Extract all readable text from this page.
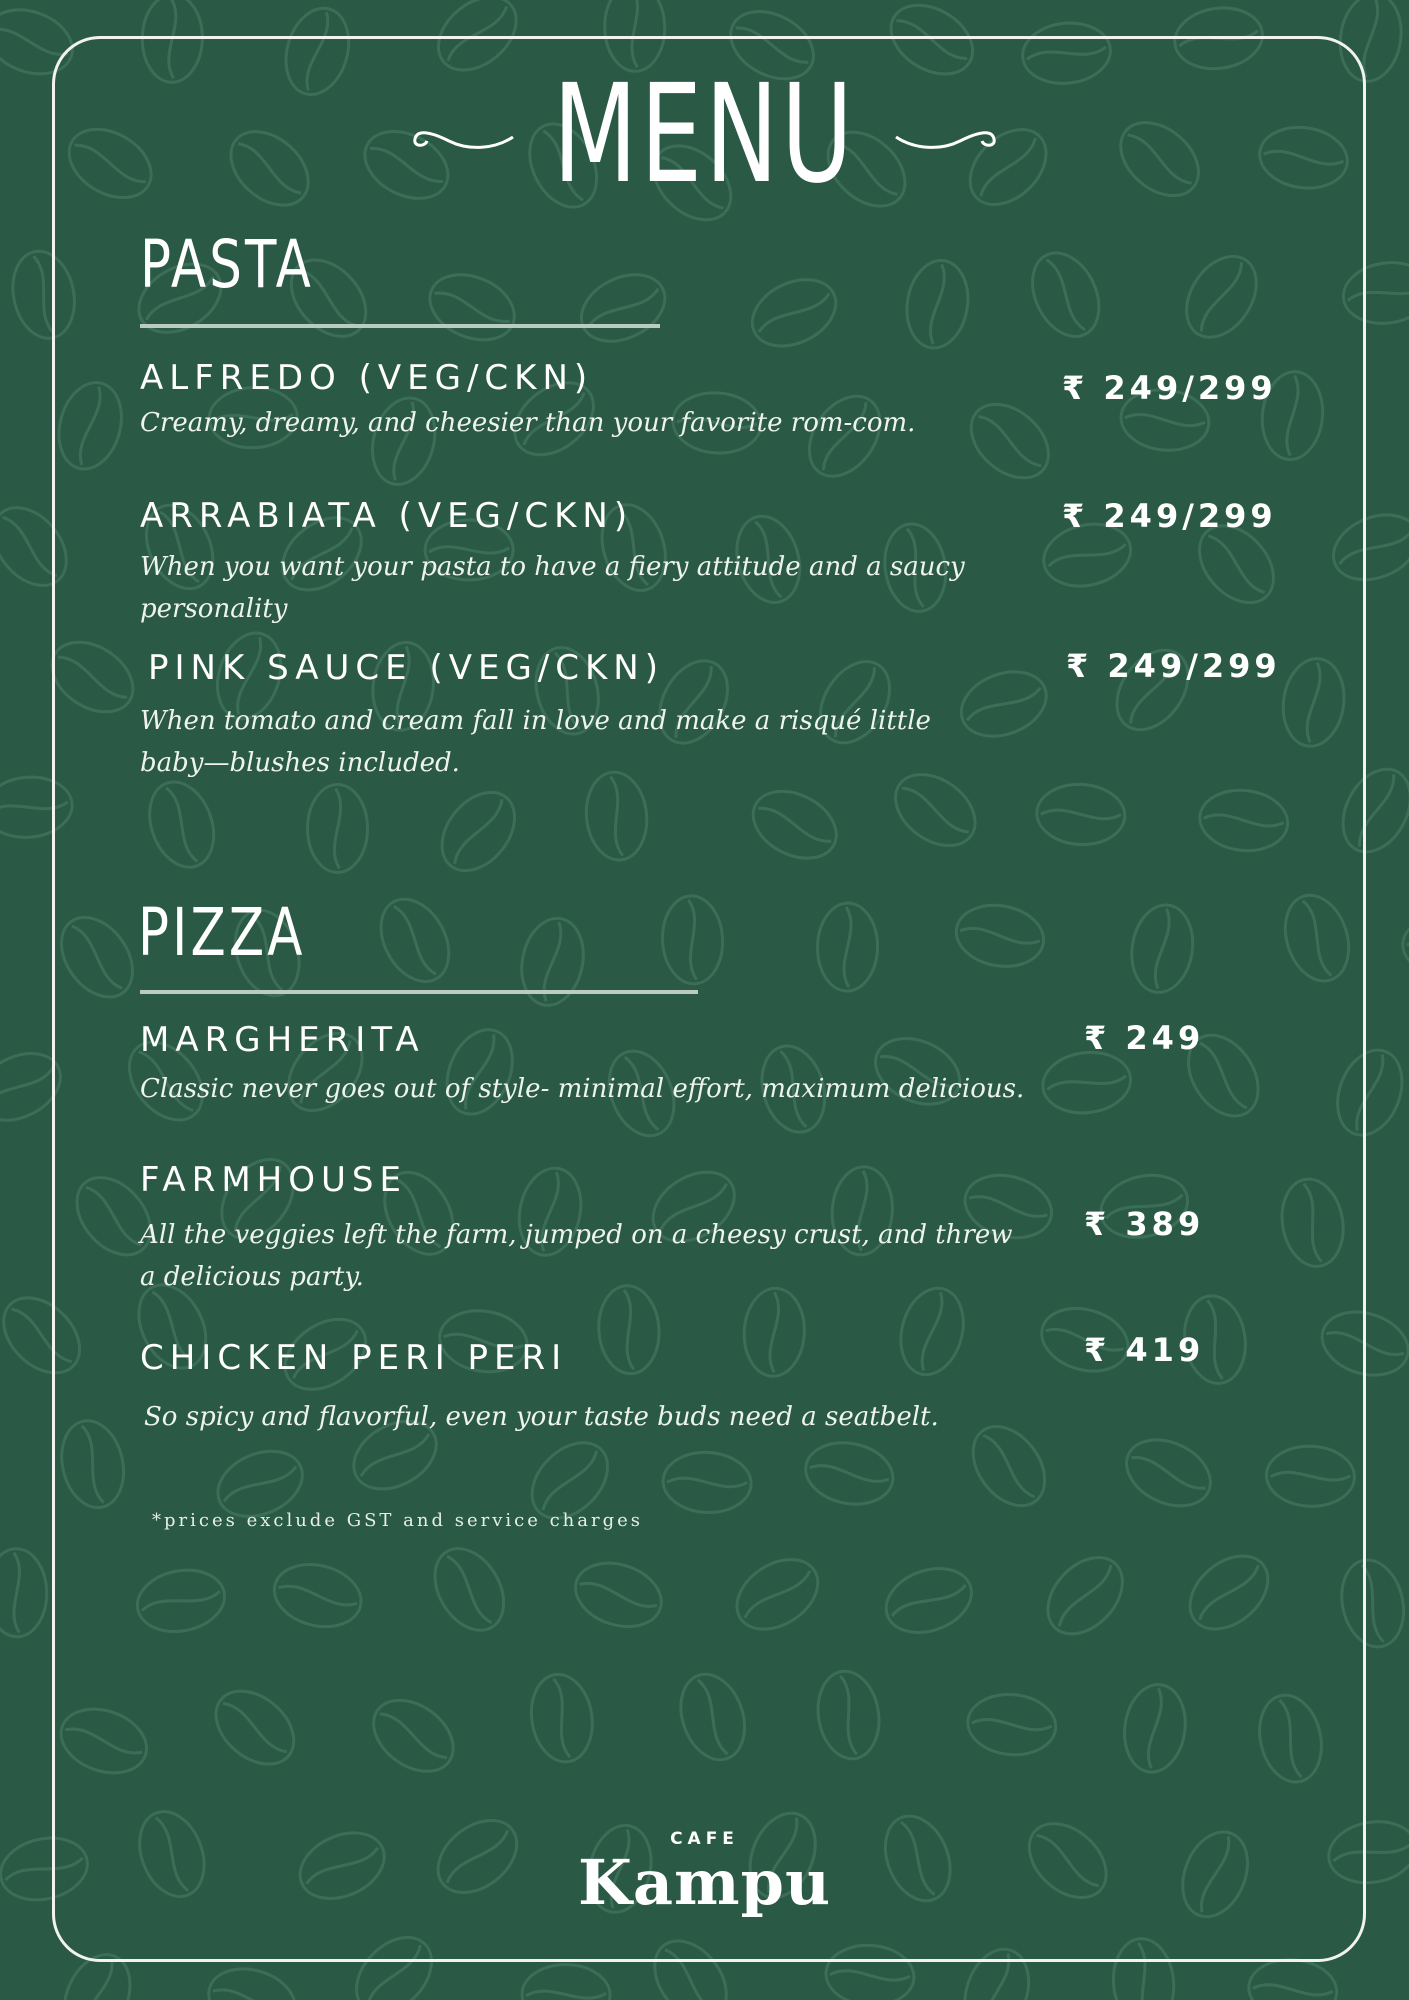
MENU
PASTA
ALFREDO (VEG/CKN)	₹ 249/299
Creamy, dreamy, and cheesier than your favorite rom-com.
ARRABIATA (VEG/CKN)	₹ 249/299
When you want your pasta to have a fiery attitude and a saucy personality
PINK SAUCE (VEG/CKN)	₹ 249/299
When tomato and cream fall in love and make a risqué little baby—blushes included.
PIZZA
MARGHERITA	₹ 249
Classic never goes out of style- minimal effort, maximum delicious.
FARMHOUSE
₹ 389
All the veggies left the farm, jumped on a cheesy crust, and threw a delicious party.
CHICKEN PERI PERI	₹ 419
So spicy and flavorful, even your taste buds need a seatbelt.
*prices exclude GST and service charges
CAFE
Kampu
